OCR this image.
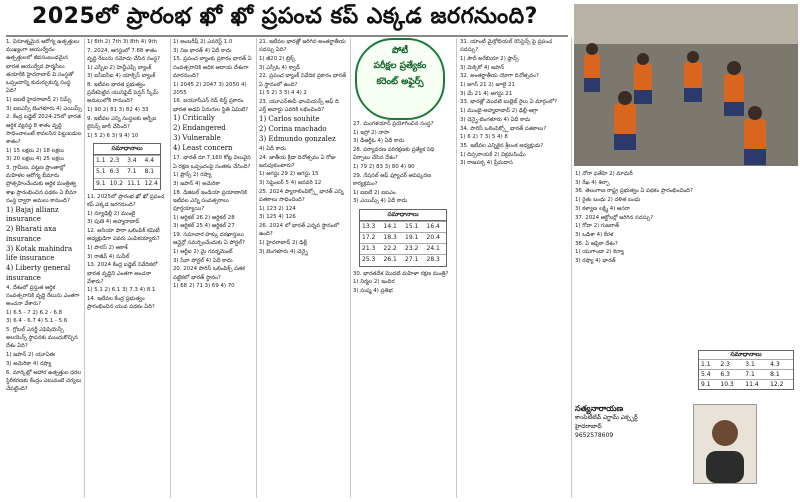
2025లో ప్రారంభ ఖో ఖో ప్రపంచ కప్ ఎక్కడ జరగనుంది?

1. వినూత్నమైన ఆరోగ్య ఉత్పత్తులు ముఖ్యంగా ఆయుర్వేదం ఉత్పత్తులలో జీవసంబంధమైన భారత ఆయుర్వేద ఫార్మసీలు తయారీకి హైదరాబాద్ వి.సంస్థతో ఒప్పందాన్ని కుదుర్చుకున్న సంస్థ ఏది?

1) ఐఐటీ హైదరాబాద్ 2) నిమ్స్

3) ఐఐఎస్సీ బెంగళూరు 4) ఎయిమ్స్

2. కేంద్ర బడ్జెట్ 2024-25లో భారత ఆర్థిక వ్యవస్థ 8 శాతం వృద్ధి సాధించాలంటే కావలసిన పెట్టుబడుల శాతం?

1) 15 లక్షలు 2) 18 లక్షలు

3) 20 లక్షలు 4) 25 లక్షలు

3. గ్రామీణ, పట్టణ ప్రాంతాల్లో మహిళల ఆరోగ్య బీమాను ప్రోత్సహించేందుకు ఆర్థిక మంత్రిత్వ శాఖ ప్రారంభించిన పథకం ఏ బీమా సంస్థ ద్వారా అమలు కానుంది?

1) Bajaj allianz insurance

2) Bharati axa insurance

3) Kotak mahindra life insurance

4) Liberty general insurance

4. దేశంలో ప్రస్తుత ఆర్థిక సంవత్సరానికి వృద్ధి రేటును ఎంతగా అంచనా వేశారు?

1) 6.5 - 7 2) 6.2 - 6.8

3) 6.4 - 6.7 4) 5.1 - 5.6

5. గ్లోబల్ ఎనర్జీ ఎఫిషియెన్సీ అలయెన్స్ స్థాపనకు ముందుకొచ్చిన దేశం ఏది?

1) జపాన్ 2) యూఏఈ

3) అమెరికా 4) రష్యా

6. మార్కెట్లో ఆహార ఉత్పత్తుల ధరల స్థిరీకరణకు కేంద్రం ఎటువంటి చర్యలు చేపట్టింది?

1) 6th 2) 7th 3) 8th 4) 9th

7. 2024, ఆగస్టులో 7.88 శాతం వృద్ధి రేటును నమోదు చేసిన సంస్థ?

1) ఎస్బీఐ 2) హెచ్డీఎఫ్సీ బ్యాంక్

3) ఐసీఐసీఐ 4) యాక్సిస్ బ్యాంక్

8. ఇటీవల భారత ప్రభుత్వం ప్రవేశపెట్టిన యునిఫైడ్ పెన్షన్ స్కీమ్ అమలులోకి రానుంది?

1) 90 2) 81 3) 82 4) 33

9. ఇటీవల ఎన్ని సంస్థలకు ఆర్బీఐ లైసెన్స్ జారీ చేసింది?

1) 5 2) 6 3) 9 4) 10

సమాధానాలు
1.1	2.3	3.4	4.4
5.1	6.3	7.1	8.1
9.1	10.2	11.1	12.4

11. 2025లో ప్రారంభ ఖో ఖో ప్రపంచ కప్ ఎక్కడ జరగనుంది?

1) న్యూఢిల్లీ 2) ముంబై

3) పుణె 4) అహ్మదాబాద్

12. ఆసియా పారా ఒలింపిక్ కమిటీ అధ్యక్షుడిగా ఎవరు ఎంపికయ్యారు?

1) పారస్ 2) ఆకాశ్

3) రాజీవ్ 4) సునీల్

13. 2024 కేంద్ర బడ్జెట్ నివేదికలో భారత వృద్ధిని ఎంతగా అంచనా వేశారు?

1) 5.1 2) 6.1 3) 7.3 4) 8.1

14. ఇటీవల కేంద్ర ప్రభుత్వం ప్రారంభించిన యువ పథకం ఏది?

1) అంబరీష్ 2) ఎవరెస్ట్ 1.0

3) నిజ భారత్ 4) ఏదీ కాదు

15. ప్రపంచ బ్యాంకు ప్రకారం భారత్ ఏ సంవత్సరానికి అధిక ఆదాయ దేశంగా మారనుంది?

1) 2045 2) 2047 3) 2050 4) 2055

16. ఐయూసీఎన్ రెడ్ లిస్ట్ ప్రకారం భారత అడవి ఏనుగుల స్థితి ఏమిటి?

1) Critically

2) Endangered

3) Vulnerable

4) Least concern

17. భారత్ రూ.7,160 కోట్ల విలువైన ఏ రక్షణ ఒప్పందంపై సంతకం చేసింది?

1) ఫ్రాన్స్ 2) రష్యా

3) జపాన్ 4) అమెరికా

18. డిజిటల్ ఇండియా ప్రయాణానికి ఇటీవల ఎన్ని సంవత్సరాలు పూర్తయ్యాయి?

1) ఆర్టికల్ 26 2) ఆర్టికల్ 28

3) ఆర్టికల్ 25 4) ఆర్టికల్ 27

19. సమాచార హక్కు దరఖాస్తులు ఆన్లైన్లో సమర్పించేందుకు ఏ పోర్టల్?

1) ఆర్టీఐ 2) మై గవర్నమెంట్

3) సేవా పోర్టల్ 4) ఏదీ కాదు

20. 2024 పారిస్ ఒలింపిక్స్ పతక పట్టికలో భారత్ స్థానం?

1) 68 2) 71 3) 69 4) 70

21. ఇటీవల భారత్లో జరిగిన అంతర్జాతీయ సదస్సు ఏది?

1) జీ20 2) బ్రిక్స్

3) ఎస్సీఓ 4) క్వాడ్

22. ప్రపంచ బ్యాంక్ నివేదిక ప్రకారం భారత్ ఏ స్థానంలో ఉంది?

1) 5 2) 3 3) 4 4) 2

23. యూఎన్ఈపీ ఛాంపియన్స్ ఆఫ్ ది ఎర్త్ అవార్డు ఎవరికి లభించింది?

1) Carlos souhite

2) Corina machado

3) Edmundo gonzalez

4) ఏదీ కాదు

24. జాతీయ క్రీడా దినోత్సవం ఏ రోజు జరుపుకుంటారు?

1) ఆగస్టు 29 2) ఆగస్టు 15

3) సెప్టెంబర్ 5 4) జనవరి 12

25. 2024 ప్యారాలింపిక్స్లో భారత్ ఎన్ని పతకాలు సాధించింది?

1) 123 2) 124

3) 125 4) 126

26. 2024 లో భారత్ ఎన్నవ స్థానంలో ఉంది?

1) హైదరాబాద్ 2) ఢిల్లీ

3) బెంగళూరు 4) చెన్నై

పోటీ
పరీక్షల ప్రత్యేకం
కరెంట్ అఫైర్స్

27. మంగళయాన్ ప్రయోగించిన సంస్థ?

1) ఇస్రో 2) నాసా

3) డీఆర్డీఓ 4) ఏదీ కాదు

28. పర్యావరణ పరిరక్షణకు ప్రత్యేక నిధి ఏర్పాటు చేసిన దేశం?

1) 79 2) 83 3) 80 4) 90

29. నేషనల్ ఆఫ్ ఫ్యూచర్ ఆవిష్కరణ కార్యక్రమం?

1) ఐఐటీ 2) ఐఐఎం

3) ఎయిమ్స్ 4) ఏదీ కాదు

సమాధానాలు
13.3	14.1	15.1	16.4
17.2	18.3	19.1	20.4
21.3	22.2	23.2	24.1
25.3	26.1	27.1	28.3

30. భారతదేశ మొదటి మహిళా రక్షణ మంత్రి?

1) నిర్మల 2) ఇందిర

3) సుష్మ 4) ప్రతిభ

31. యాంటీ మైక్రోబియల్ రెసిస్టెన్స్ పై ప్రపంచ సదస్సు?

1) సౌదీ అరేబియా 2) ఫ్రాన్స్

3) మెక్సికో 4) జపాన్

32. అంతర్జాతీయ యోగా దినోత్సవం?

1) జూన్ 21 2) జూలై 21

3) మే 21 4) ఆగస్టు 21

33. భారత్లో మొదటి బుల్లెట్ రైలు ఏ మార్గంలో?

1) ముంబై-అహ్మదాబాద్ 2) ఢిల్లీ-ఆగ్రా

3) చెన్నై-బెంగళూరు 4) ఏదీ కాదు

34. పారిస్ ఒలింపిక్స్లో భారత్ పతకాలు?

1) 6 2) 7 3) 5 4) 8

35. ఇటీవల ఎన్నికైన శ్రీలంక అధ్యక్షుడు?

1) దిస్సనాయకే 2) విక్రమసింఘే

3) రాజపక్స 4) ప్రేమదాస

1) నోరా ఫతేహి 2) మాధురీ

3) రేఖ 4) శిల్పా

36. తెలంగాణ రాష్ట్ర ప్రభుత్వం ఏ పథకం ప్రారంభించింది?

1) రైతు బంధు 2) దళిత బంధు

3) కళ్యాణ లక్ష్మి 4) ఆసరా

37. 2024 అక్టోబర్లో జరిగిన సదస్సు?

1) గోవా 2) గుజరాత్

3) ఒడిశా 4) కేరళ

38. ఏ ఆఫ్రికా దేశం?

1) యుగాండా 2) కెన్యా

3) రష్యా 4) భారత్

సమాధానాలు
1.1	2.3	3.1	4.3
5.4	6.3	7.1	8.1
9.1	10.3	11.4	12.2
సత్యనారాయణ
కాంపిటీటివ్ ఎగ్జామ్ ఎక్స్పర్ట్
హైదరాబాద్
9652578609
